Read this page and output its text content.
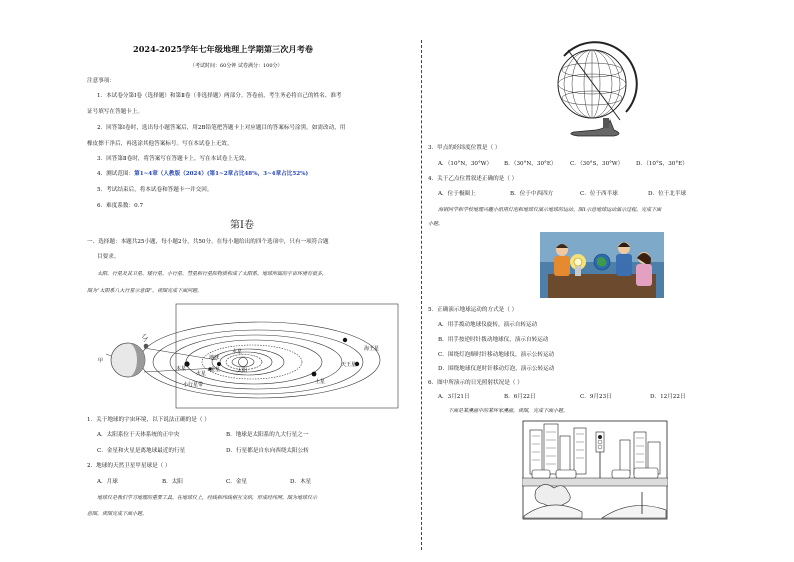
2024-2025学年七年级地理上学期第三次月考卷
（考试时间：60分钟 试卷满分：100分）
注意事项：
1．本试卷分第Ⅰ卷（选择题）和第Ⅱ卷（非选择题）两部分。答卷前，考生务必将自己的姓名、准考
证号填写在答题卡上。
2．回答第Ⅰ卷时，选出每小题答案后，用2B铅笔把答题卡上对应题目的答案标号涂黑。如需改动，用
橡皮擦干净后，再选涂其他答案标号。写在本试卷上无效。
3．回答第Ⅱ卷时，将答案写在答题卡上。写在本试卷上无效。
4．测试范围：第1~4章（人教版（2024）(第1~2章占比48%，3~4章占比52%)
5．考试结束后，将本试卷和答题卡一并交回。
6．难度系数：0.7
第Ⅰ卷
一、选择题：本题共25小题，每小题2分，共50分。在每小题给出的四个选项中，只有一项符合题
目要求。
太阳、行星及其卫星、矮行星、小行星、彗星和行星际物质构成了太阳系。地球所属的宇宙环境有很多，
图为“太阳系八大行星示意图”。读图完成下面问题。
甲	地球
太阳
水星
金星
火星
小行星带
木星
土星
天王星
海王星
乙
1．关于地球的宇宙环境，以下说法正确的是（ ）
A．太阳系位于天体系统的正中央	B．地球是太阳系的九大行星之一
C．金星和火星是离地球最近的行星	D．行星都是自东向西绕太阳公转
2．地球的天然卫星甲星球是（ ）
A．月球	B．太阳	C．金星	D．木星
地球仪是我们学习地理的重要工具。在地球仪上，经线和纬线相互交织，形成经纬网。图为地球仪示
意图。读图完成下面小题。
3．甲点的经纬度位置是（ ）
A．（10°N，30°W） B．（30°N，30°E） C．（30°S，30°W） D．（10°S，30°E）
4．关于乙点位置叙述正确的是（ ）
A．位于极圈上	B．位于中西四方	C．位于西半球	D．位于北半球
海钢同学和学校地理兴趣小组用灯泡和地球仪演示地球的运动。图1示意地球运动演示过程。完成下面
小题。
5．正确演示地球运动的方式是（ ）
A．用手拨动地球仪旋转，演示自转运动
B．用手按逆时针拨动地球仪，演示自转运动
C．围绕灯泡顺时针移动地球仪，演示公转运动
D．围绕地球仪逆时针移动灯泡，演示公转运动
6．图中所演示的日光照射状况是（ ）
A．3月21日	B．6月22日	C．9月23日	D．12月22日
下面是某漫画中的某环家漫画。读图，完成下面小题。
